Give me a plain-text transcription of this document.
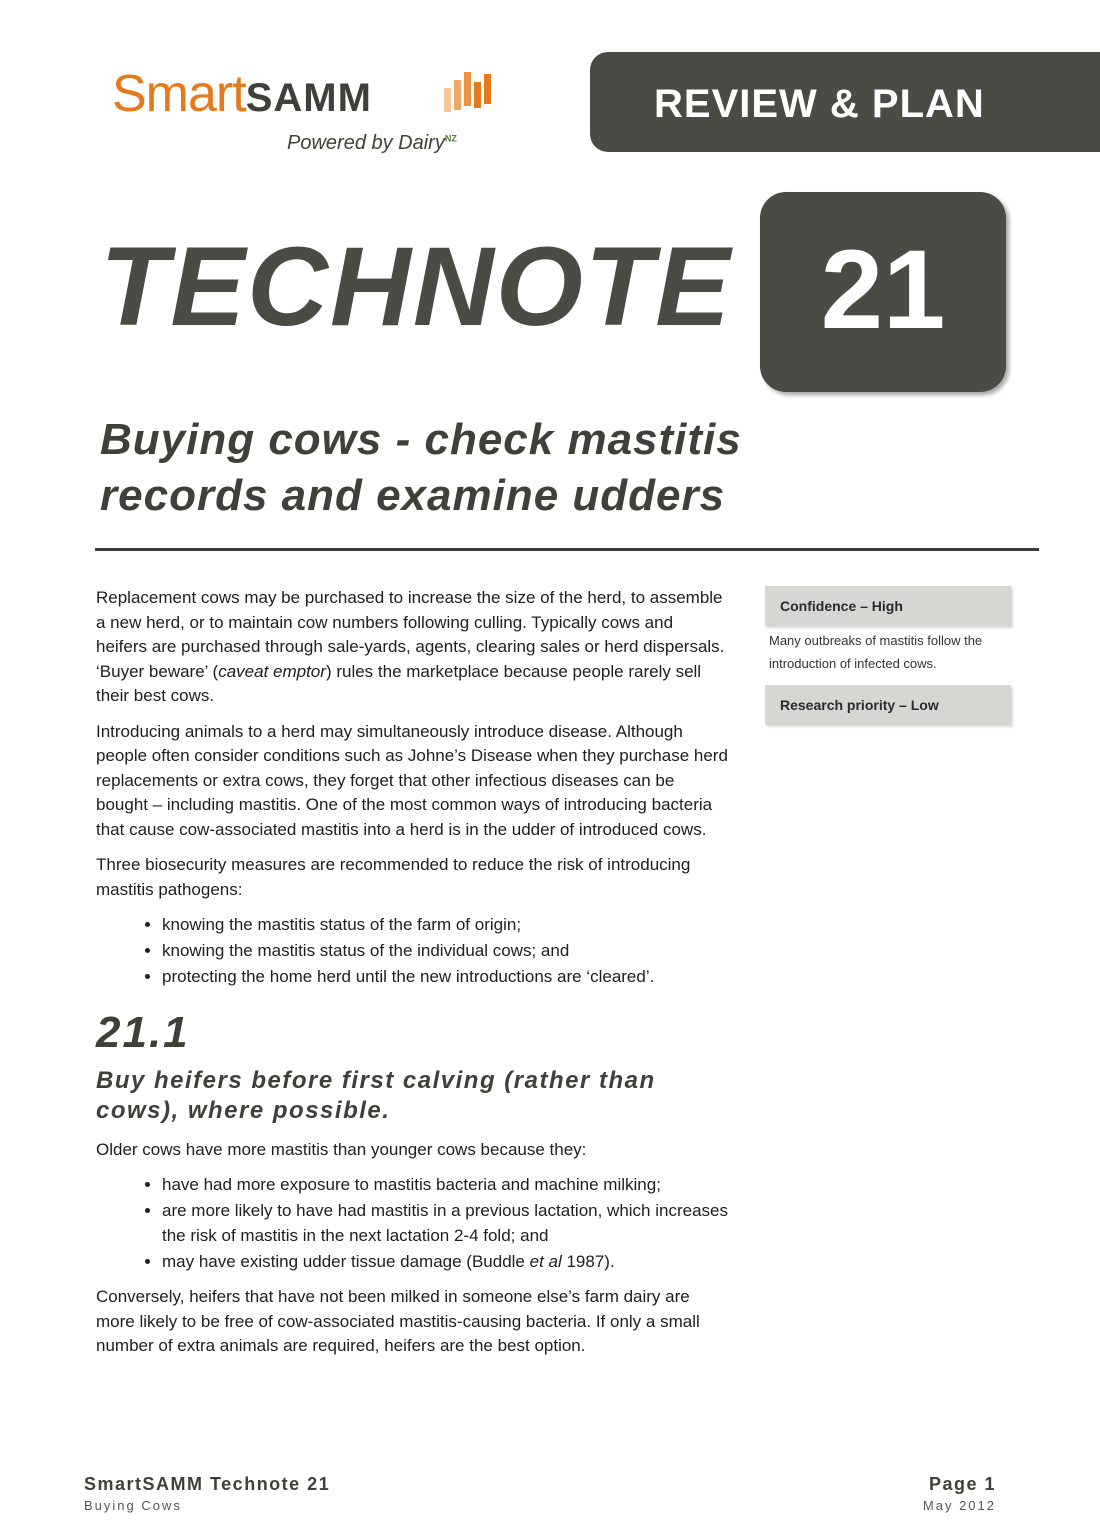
SmartSAMM
Powered by Dairy$^{NZ}$
REVIEW & PLAN
TECHNOTE 21
Buying cows - check mastitis
records and examine udders

Replacement cows may be purchased to increase the size of the herd, to assemble a new herd, or to maintain cow numbers following culling. Typically cows and heifers are purchased through sale-yards, agents, clearing sales or herd dispersals. ‘Buyer beware’ (caveat emptor) rules the marketplace because people rarely sell their best cows.

Introducing animals to a herd may simultaneously introduce disease. Although people often consider conditions such as Johne’s Disease when they purchase herd replacements or extra cows, they forget that other infectious diseases can be bought – including mastitis. One of the most common ways of introducing bacteria that cause cow-associated mastitis into a herd is in the udder of introduced cows.

Three biosecurity measures are recommended to reduce the risk of introducing mastitis pathogens:

• knowing the mastitis status of the farm of origin;
• knowing the mastitis status of the individual cows; and
• protecting the home herd until the new introductions are ‘cleared’.
21.1
Buy heifers before first calving (rather than cows), where possible.

Older cows have more mastitis than younger cows because they:

• have had more exposure to mastitis bacteria and machine milking;
• are more likely to have had mastitis in a previous lactation, which increases the risk of mastitis in the next lactation 2-4 fold; and
• may have existing udder tissue damage (Buddle et al 1987).

Conversely, heifers that have not been milked in someone else’s farm dairy are more likely to be free of cow-associated mastitis-causing bacteria. If only a small number of extra animals are required, heifers are the best option.

Confidence – High
Many outbreaks of mastitis follow the introduction of infected cows.
Research priority – Low
SmartSAMM Technote 21
Buying Cows
Page 1
May 2012
